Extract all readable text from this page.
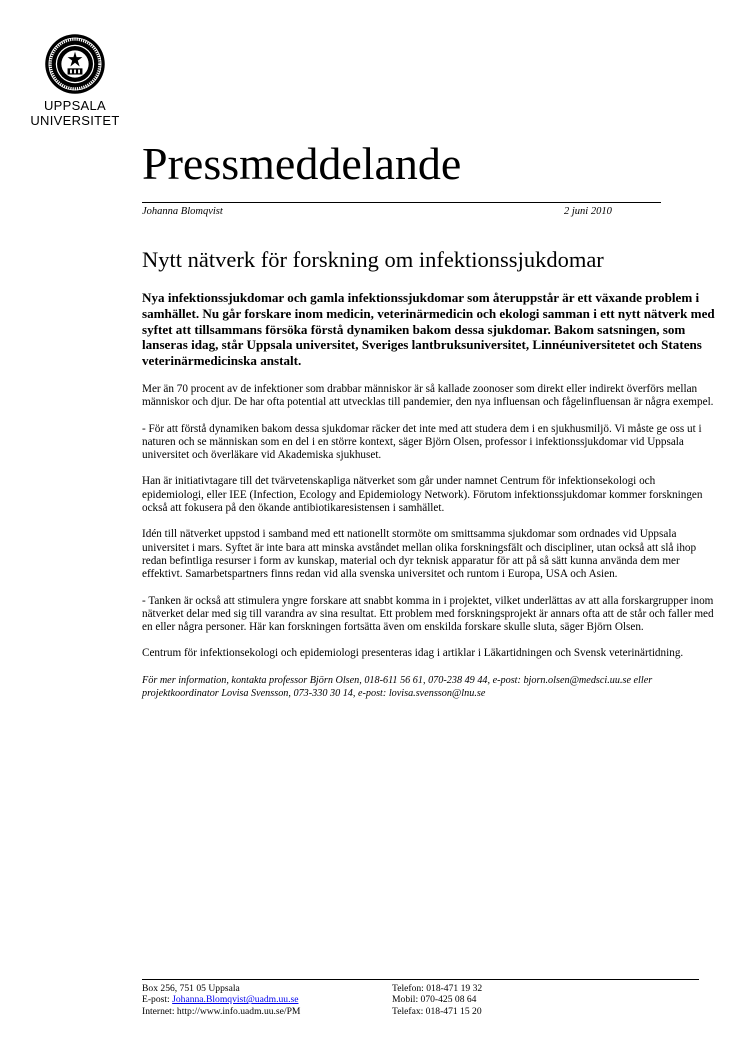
UPPSALA
UNIVERSITET
Pressmeddelande
Johanna Blomqvist	2 juni 2010
Nytt nätverk för forskning om infektionssjukdomar

Nya infektionssjukdomar och gamla infektionssjukdomar som återuppstår är ett växande problem i samhället. Nu går forskare inom medicin, veterinärmedicin och ekologi samman i ett nytt nätverk med syftet att tillsammans försöka förstå dynamiken bakom dessa sjukdomar. Bakom satsningen, som lanseras idag, står Uppsala universitet, Sveriges lantbruksuniversitet, Linnéuniversitetet och Statens veterinärmedicinska anstalt.

Mer än 70 procent av de infektioner som drabbar människor är så kallade zoonoser som direkt eller indirekt överförs mellan människor och djur. De har ofta potential att utvecklas till pandemier, den nya influensan och fågelinfluensan är några exempel.

- För att förstå dynamiken bakom dessa sjukdomar räcker det inte med att studera dem i en sjukhusmiljö. Vi måste ge oss ut i naturen och se människan som en del i en större kontext, säger Björn Olsen, professor i infektionssjukdomar vid Uppsala universitet och överläkare vid Akademiska sjukhuset.

Han är initiativtagare till det tvärvetenskapliga nätverket som går under namnet Centrum för infektionsekologi och epidemiologi, eller IEE (Infection, Ecology and Epidemiology Network). Förutom infektionssjukdomar kommer forskningen också att fokusera på den ökande antibiotikaresistensen i samhället.

Idén till nätverket uppstod i samband med ett nationellt stormöte om smittsamma sjukdomar som ordnades vid Uppsala universitet i mars. Syftet är inte bara att minska avståndet mellan olika forskningsfält och discipliner, utan också att slå ihop redan befintliga resurser i form av kunskap, material och dyr teknisk apparatur för att på så sätt kunna använda dem mer effektivt. Samarbetspartners finns redan vid alla svenska universitet och runtom i Europa, USA och Asien.

- Tanken är också att stimulera yngre forskare att snabbt komma in i projektet, vilket underlättas av att alla forskargrupper inom nätverket delar med sig till varandra av sina resultat. Ett problem med forskningsprojekt är annars ofta att de står och faller med en eller några personer. Här kan forskningen fortsätta även om enskilda forskare skulle sluta, säger Björn Olsen.

Centrum för infektionsekologi och epidemiologi presenteras idag i artiklar i Läkartidningen och Svensk veterinärtidning.

För mer information, kontakta professor Björn Olsen, 018-611 56 61, 070-238 49 44, e-post: bjorn.olsen@medsci.uu.se eller projektkoordinator Lovisa Svensson, 073-330 30 14, e-post: lovisa.svensson@lnu.se

Box 256, 751 05 Uppsala
E-post: Johanna.Blomqvist@uadm.uu.se
Internet: http://www.info.uadm.uu.se/PM
Telefon: 018-471 19 32
Mobil: 070-425 08 64
Telefax: 018-471 15 20
